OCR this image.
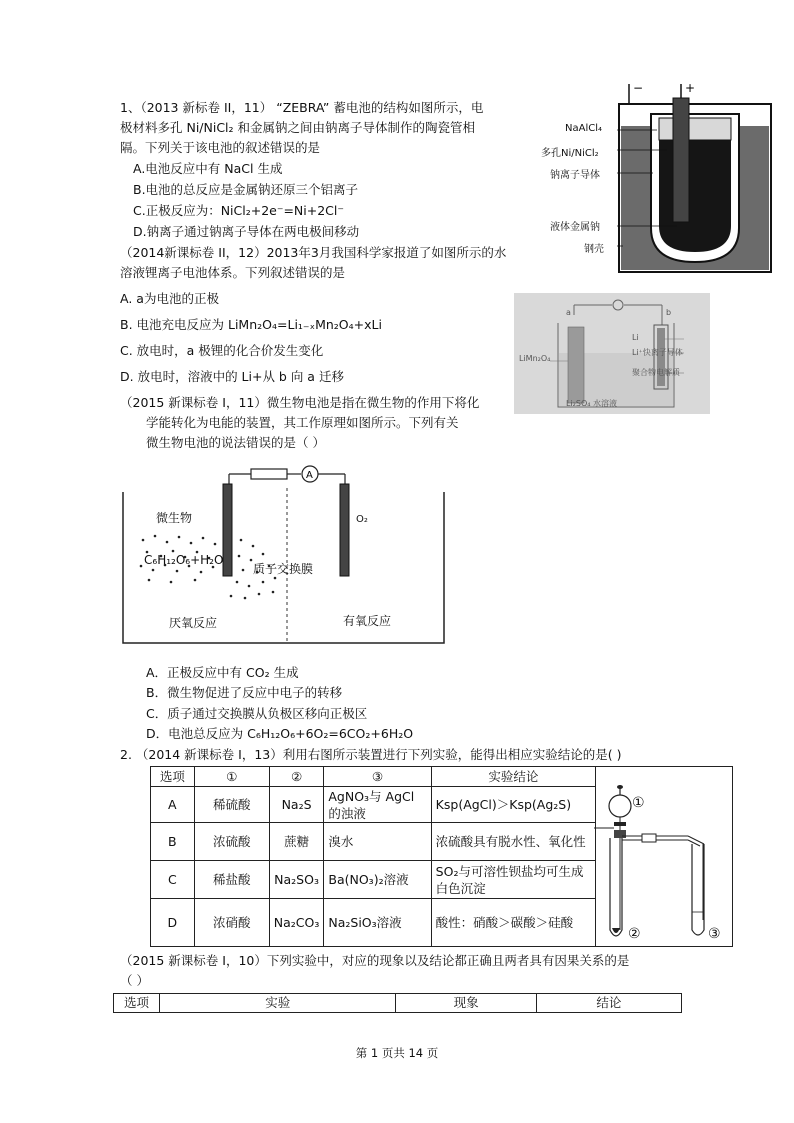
1、（2013 新标卷 II，11） “ZEBRA” 蓄电池的结构如图所示，电
极材料多孔 Ni/NiCl₂ 和金属钠之间由钠离子导体制作的陶瓷管相
隔。下列关于该电池的叙述错误的是
A.电池反应中有 NaCl 生成
B.电池的总反应是金属钠还原三个铝离子
C.正极反应为：NiCl₂+2e⁻=Ni+2Cl⁻
D.钠离子通过钠离子导体在两电极间移动
−	+
NaAlCl₄
多孔Ni/NiCl₂
钠离子导体
液体金属钠
钢壳
（2014新课标卷 II，12）2013年3月我国科学家报道了如图所示的水
溶液锂离子电池体系。下列叙述错误的是
A. a为电池的正极
B. 电池充电反应为 LiMn₂O₄=Li₁₋ₓMn₂O₄+xLi
C. 放电时，a 极锂的化合价发生变化
D. 放电时，溶液中的 Li+从 b 向 a 迁移
a	b
LiMn₂O₄
Li
Li⁺快离子导体
聚合物电解质
Li₂SO₄ 水溶液
（2015 新课标卷 I，11）微生物电池是指在微生物的作用下将化
学能转化为电能的装置，其工作原理如图所示。下列有关
微生物电池的说法错误的是（ ）
A
微生物	O₂
C₆H₁₂O₆+H₂O
质子交换膜
厌氧反应	有氧反应
A．正极反应中有 CO₂ 生成
B．微生物促进了反应中电子的转移
C．质子通过交换膜从负极区移向正极区
D．电池总反应为 C₆H₁₂O₆+6O₂=6CO₂+6H₂O
2. （2014 新课标卷 I，13）利用右图所示装置进行下列实验，能得出相应实验结论的是( )
选项	①	②	③	实验结论	
A	稀硫酸	Na₂S	AgNO₃与 AgCl 的浊液	Ksp(AgCl)＞Ksp(Ag₂S)	
B	浓硫酸	蔗糖	溴水	浓硫酸具有脱水性、氧化性	
C	稀盐酸	Na₂SO₃	Ba(NO₃)₂溶液	SO₂与可溶性钡盐均可生成白色沉淀	
D	浓硝酸	Na₂CO₃	Na₂SiO₃溶液	酸性：硝酸＞碳酸＞硅酸	
①
②	③
（2015 新课标卷 I，10）下列实验中，对应的现象以及结论都正确且两者具有因果关系的是
（ ）
选项	实验	现象	结论
第 1 页共 14 页
